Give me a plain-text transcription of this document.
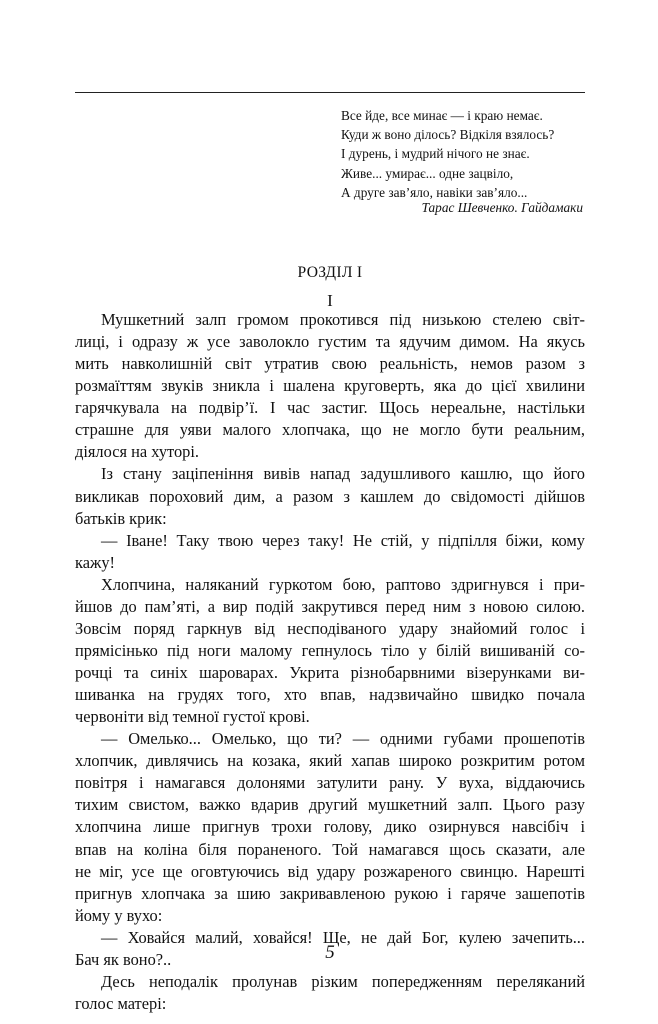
Все йде, все минає — і краю немає.
Куди ж воно ділось? Відкіля взялось?
І дурень, і мудрий нічого не знає.
Живе... умирає... одне зацвіло,
А друге зав’яло, навіки зав’яло...
Тарас Шевченко. Гайдамаки
РОЗДІЛ І
I
Мушкетний залп громом прокотився під низькою стелею світ-
лиці, і одразу ж усе заволокло густим та ядучим димом. На якусь
мить навколишній світ утратив свою реальність, немов разом з
розмаїттям звуків зникла і шалена круговерть, яка до цієї хвилини
гарячкувала на подвір’ї. І час застиг. Щось нереальне, настільки
страшне для уяви малого хлопчака, що не могло бути реальним,
діялося на хуторі.
Із стану заціпеніння вивів напад задушливого кашлю, що його
викликав пороховий дим, а разом з кашлем до свідомості дійшов
батьків крик:
— Іване! Таку твою через таку! Не стій, у підпілля біжи, кому
кажу!
Хлопчина, наляканий гуркотом бою, раптово здригнувся і при-
йшов до пам’яті, а вир подій закрутився перед ним з новою силою.
Зовсім поряд гаркнув від несподіваного удару знайомий голос і
прямісінько під ноги малому гепнулось тіло у білій вишиваній со-
рочці та синіх шароварах. Укрита різнобарвними візерунками ви-
шиванка на грудях того, хто впав, надзвичайно швидко почала
червоніти від темної густої крові.
— Омелько... Омелько, що ти? — одними губами прошепотів
хлопчик, дивлячись на козака, який хапав широко розкритим ротом
повітря і намагався долонями затулити рану. У вуха, віддаючись
тихим свистом, важко вдарив другий мушкетний залп. Цього разу
хлопчина лише пригнув трохи голову, дико озирнувся навсібіч і
впав на коліна біля пораненого. Той намагався щось сказати, але
не міг, усе ще оговтуючись від удару розжареного свинцю. Нарешті
пригнув хлопчака за шию закривавленою рукою і гаряче зашепотів
йому у вухо:
— Ховайся малий, ховайся! Ще, не дай Бог, кулею зачепить...
Бач як воно?..
Десь неподалік пролунав різким попередженням переляканий
голос матері:
5
